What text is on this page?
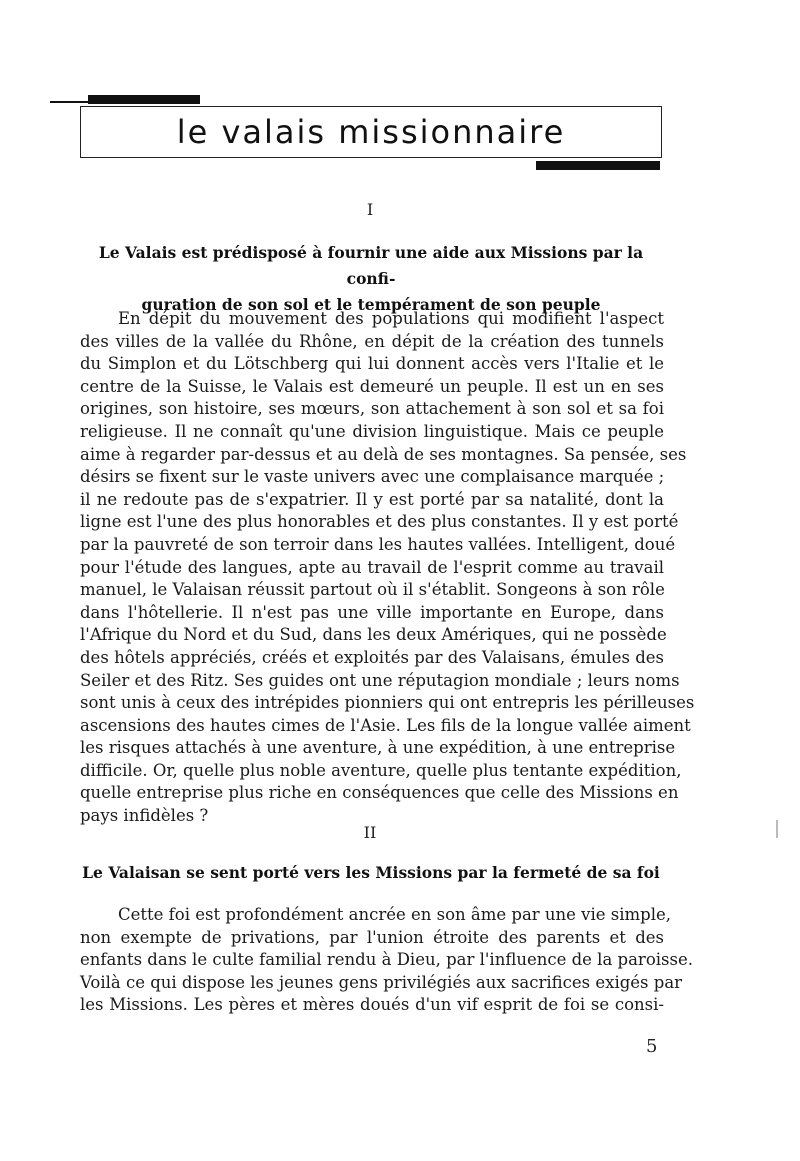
le valais missionnaire
I
Le Valais est prédisposé à fournir une aide aux Missions par la confi-
guration de son sol et le tempérament de son peuple
En dépit du mouvement des populations qui modifient l'aspect
des villes de la vallée du Rhône, en dépit de la création des tunnels
du Simplon et du Lötschberg qui lui donnent accès vers l'Italie et le
centre de la Suisse, le Valais est demeuré un peuple. Il est un en ses
origines, son histoire, ses mœurs, son attachement à son sol et sa foi
religieuse. Il ne connaît qu'une division linguistique. Mais ce peuple
aime à regarder par-dessus et au delà de ses montagnes. Sa pensée, ses
désirs se fixent sur le vaste univers avec une complaisance marquée ;
il ne redoute pas de s'expatrier. Il y est porté par sa natalité, dont la
ligne est l'une des plus honorables et des plus constantes. Il y est porté
par la pauvreté de son terroir dans les hautes vallées. Intelligent, doué
pour l'étude des langues, apte au travail de l'esprit comme au travail
manuel, le Valaisan réussit partout où il s'établit. Songeons à son rôle
dans l'hôtellerie. Il n'est pas une ville importante en Europe, dans
l'Afrique du Nord et du Sud, dans les deux Amériques, qui ne possède
des hôtels appréciés, créés et exploités par des Valaisans, émules des
Seiler et des Ritz. Ses guides ont une réputagion mondiale ; leurs noms
sont unis à ceux des intrépides pionniers qui ont entrepris les périlleuses
ascensions des hautes cimes de l'Asie. Les fils de la longue vallée aiment
les risques attachés à une aventure, à une expédition, à une entreprise
difficile. Or, quelle plus noble aventure, quelle plus tentante expédition,
quelle entreprise plus riche en conséquences que celle des Missions en
pays infidèles ?
II
Le Valaisan se sent porté vers les Missions par la fermeté de sa foi
Cette foi est profondément ancrée en son âme par une vie simple,
non exempte de privations, par l'union étroite des parents et des
enfants dans le culte familial rendu à Dieu, par l'influence de la paroisse.
Voilà ce qui dispose les jeunes gens privilégiés aux sacrifices exigés par
les Missions. Les pères et mères doués d'un vif esprit de foi se consi-
5
